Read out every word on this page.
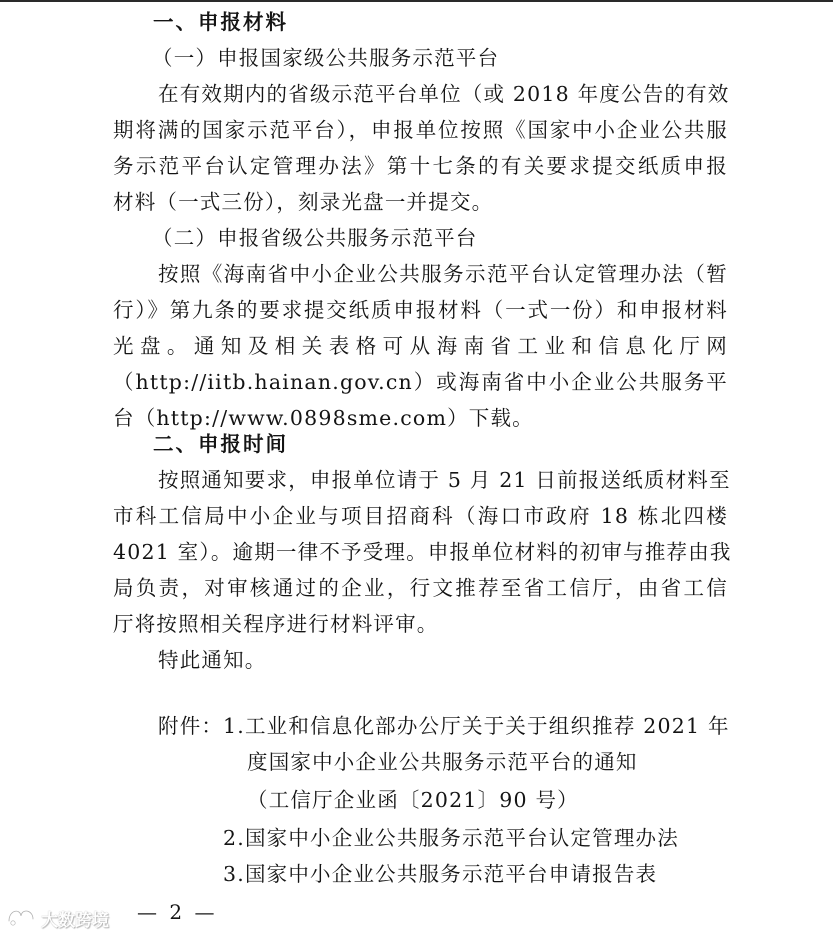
一、申报材料
（一）申报国家级公共服务示范平台
在有效期内的省级示范平台单位（或 2018 年度公告的有效
期将满的国家示范平台），申报单位按照《国家中小企业公共服
务示范平台认定管理办法》第十七条的有关要求提交纸质申报
材料（一式三份），刻录光盘一并提交。
（二）申报省级公共服务示范平台
按照《海南省中小企业公共服务示范平台认定管理办法（暂
行）》第九条的要求提交纸质申报材料（一式一份）和申报材料
光盘。通知及相关表格可从海南省工业和信息化厅网
（http://iitb.hainan.gov.cn）或海南省中小企业公共服务平
台（http://www.0898sme.com）下载。
二、申报时间
按照通知要求，申报单位请于 5 月 21 日前报送纸质材料至
市科工信局中小企业与项目招商科（海口市政府 18 栋北四楼
4021 室）。逾期一律不予受理。申报单位材料的初审与推荐由我
局负责，对审核通过的企业，行文推荐至省工信厅，由省工信
厅将按照相关程序进行材料评审。
特此通知。
附件： 1.工业和信息化部办公厅关于关于组织推荐 2021 年
度国家中小企业公共服务示范平台的通知
（工信厅企业函〔2021〕90 号）
2.国家中小企业公共服务示范平台认定管理办法
3.国家中小企业公共服务示范平台申请报告表
— 2 —
大数跨境
